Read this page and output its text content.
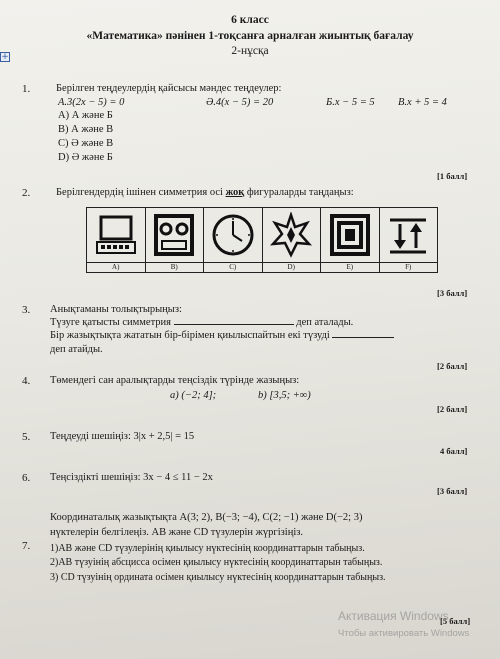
6 класс
«Математика» пәнінен 1-тоқсанға арналған жиынтық бағалау
2-нұсқа
+
1. Берілген теңдеулердің қайсысы мәндес теңдеулер:
А.3(2x − 5) = 0	Ә.4(x − 5) = 20	Б.x − 5 = 5 В.x + 5 = 4
А) А және Б
В) А және В
С) Ә және В
D) Ә және Б
[1 балл]
2. Берілгендердің ішінен симметрия осі жоқ фигураларды таңдаңыз:
A)	B)	C)	D)	E)	F)
[3 балл]
3. Анықтаманы толықтырыңыз:
Түзуге қатысты симметрия	деп аталады.
Бір жазықтықта жататын бір-бірімен қиылыспайтын екі түзуді
деп атайды.
[2 балл]
4. Төмендегі сан аралықтарды теңсіздік түрінде жазыңыз:
a) (−2; 4];	b) [3,5; +∞)
[2 балл]
5. Теңдеуді шешіңіз: 3|x + 2,5| = 15
4 балл]
6. Теңсіздікті шешіңіз: 3x − 4 ≤ 11 − 2x
[3 балл]
Координаталық жазықтықта A(3; 2), B(−3; −4), C(2; −1) және D(−2; 3)
нүктелерін белгілеңіз. АВ және CD түзулерін жүргізіңіз.
7. 1)АВ және CD түзулерінің қиылысу нүктесінің координаттарын табыңыз.
2)АВ түзуінің абсцисса осімен қиылысу нүктесінің координаттарын табыңыз.
3) CD түзуінің ордината осімен қиылысу нүктесінің координаттарын табыңыз.
[5 балл]
Активация Windows
Чтобы активировать Windows
